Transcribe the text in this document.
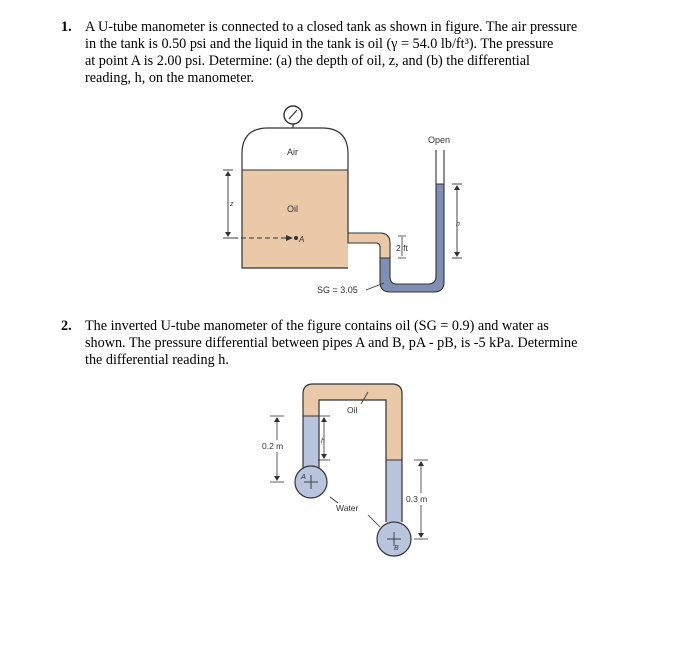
1. A U-tube manometer is connected to a closed tank as shown in figure. The air pressure
in the tank is 0.50 psi and the liquid in the tank is oil (γ = 54.0 lb/ft³). The pressure
at point A is 2.00 psi. Determine: (a) the depth of oil, z, and (b) the differential
reading, h, on the manometer.
z
A
Air
Oil
Open
2 ft
h
SG = 3.05
2. The inverted U-tube manometer of the figure contains oil (SG = 0.9) and water as
shown. The pressure differential between pipes A and B, pA - pB, is -5 kPa. Determine
the differential reading h.
A
B
Oil
Water
0.2 m	h
0.3 m
